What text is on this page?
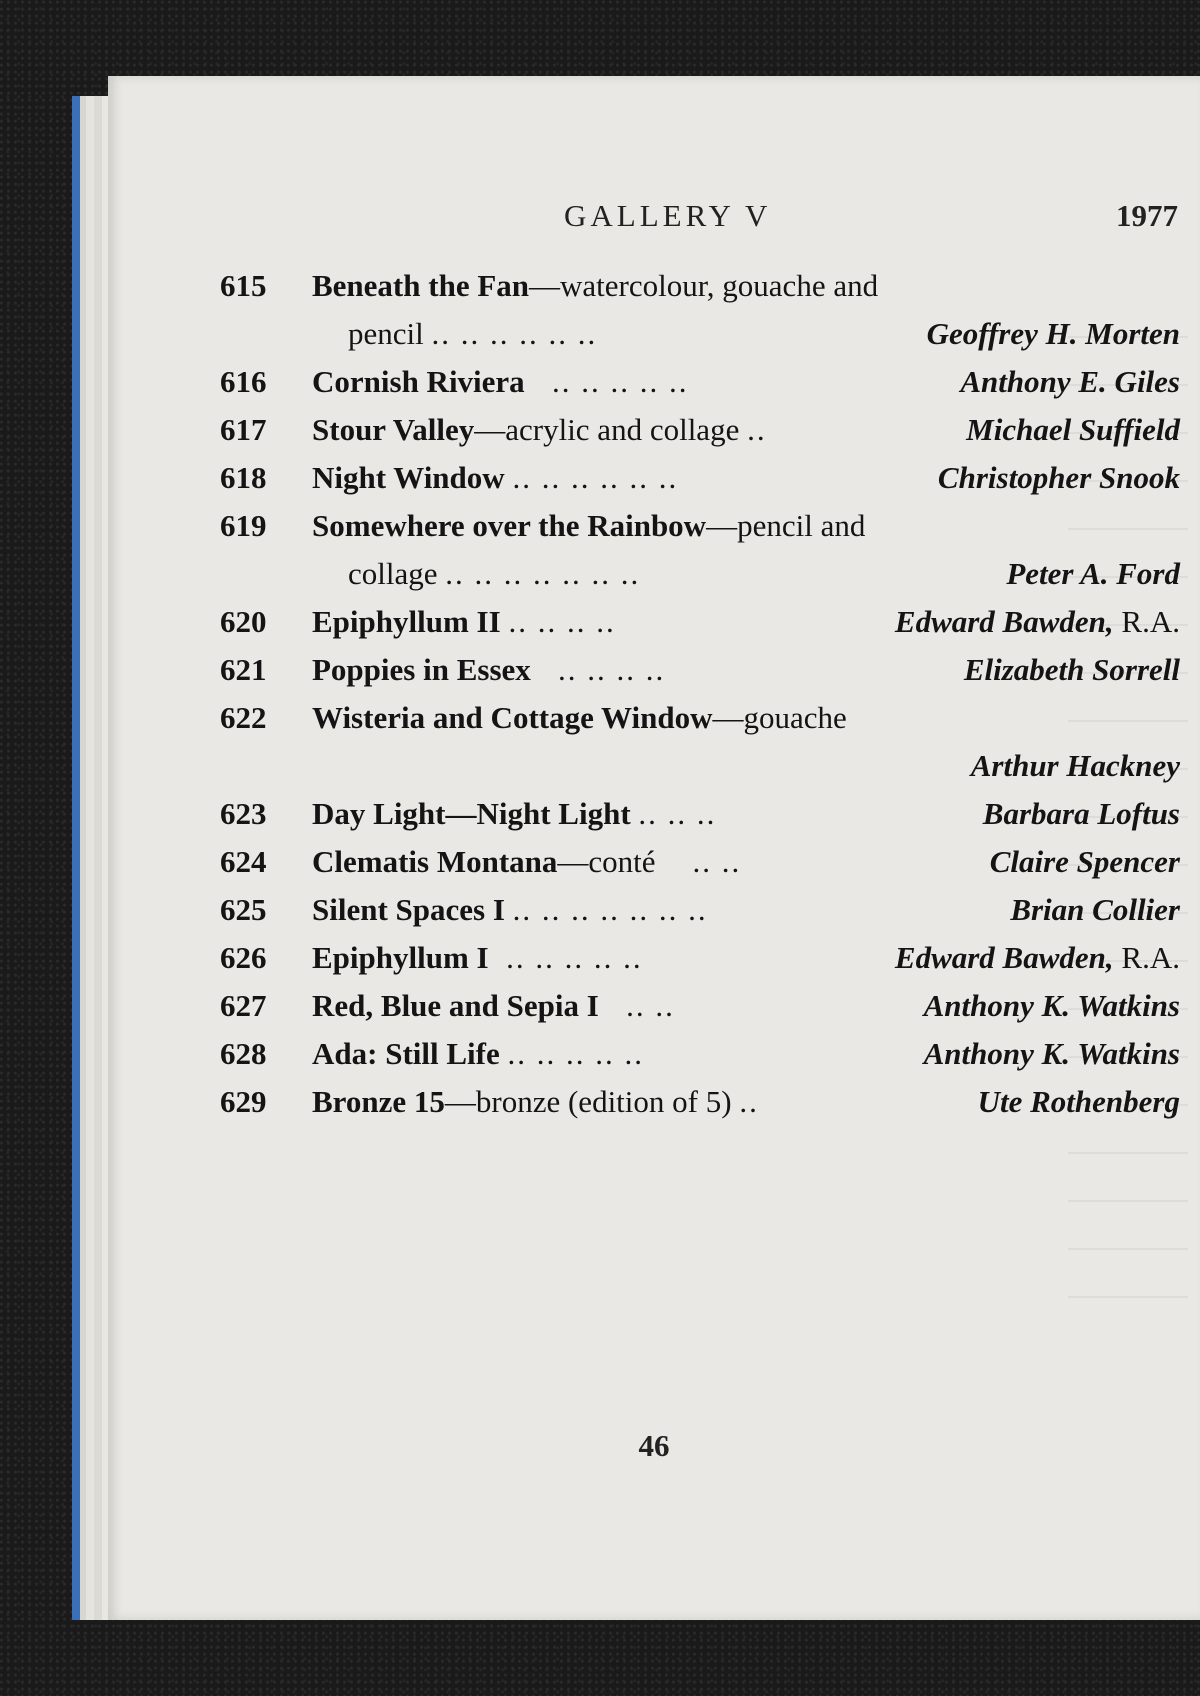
GALLERY V	1977
615 Beneath the Fan—watercolour, gouache and
pencil .. .. .. .. .. ..	Geoffrey H. Morten
616 Cornish Riviera   .. .. .. .. ..	Anthony E. Giles
617 Stour Valley—acrylic and collage ..	Michael Suffield
618 Night Window .. .. .. .. .. ..	Christopher Snook
619 Somewhere over the Rainbow—pencil and
collage .. .. .. .. .. .. ..	Peter A. Ford
620 Epiphyllum II .. .. .. ..	Edward Bawden, R.A.
621 Poppies in Essex   .. .. .. ..	Elizabeth Sorrell
622 Wisteria and Cottage Window—gouache
Arthur Hackney
623 Day Light—Night Light .. .. ..	Barbara Loftus
624 Clematis Montana—conté    .. ..	Claire Spencer
625 Silent Spaces I .. .. .. .. .. .. ..	Brian Collier
626 Epiphyllum I  .. .. .. .. ..	Edward Bawden, R.A.
627 Red, Blue and Sepia I   .. ..	Anthony K. Watkins
628 Ada: Still Life .. .. .. .. ..	Anthony K. Watkins
629 Bronze 15—bronze (edition of 5) ..	Ute Rothenberg
46
